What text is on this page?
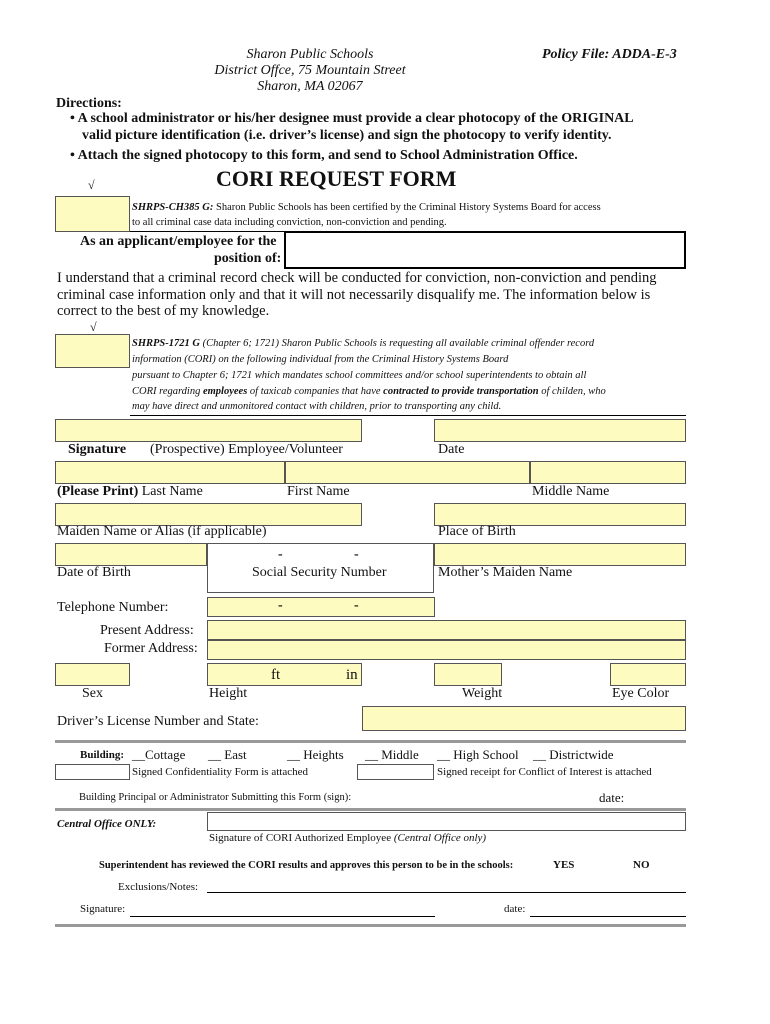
Sharon Public Schools
District Offce, 75 Mountain Street
Sharon, MA 02067
Policy File: ADDA-E-3
Directions:
• A school administrator or his/her designee must provide a clear photocopy of the ORIGINAL
valid picture identification (i.e. driver’s license) and sign the photocopy to verify identity.
• Attach the signed photocopy to this form, and send to School Administration Office.
√	CORI REQUEST FORM
SHRPS-CH385 G: Sharon Public Schools has been certified by the Criminal History Systems Board for access
to all criminal case data including conviction, non-conviction and pending.
As an applicant/employee for the
position of:
I understand that a criminal record check will be conducted for conviction, non-conviction and pending
criminal case information only and that it will not necessarily disqualify me. The information below is
correct to the best of my knowledge.
√
SHRPS-1721 G (Chapter 6; 1721) Sharon Public Schools is requesting all available criminal offender record
information (CORI) on the following individual from the Criminal History Systems Board
pursuant to Chapter 6; 1721 which mandates school committees and/or school superintendents to obtain all
CORI regarding employees of taxicab companies that have contracted to provide transportation of childen, who
may have direct and unmonitored contact with children, prior to transporting any child.
Signature (Prospective) Employee/Volunteer	Date
(Please Print) Last Name	First Name	Middle Name
Maiden Name or Alias (if applicable)	Place of Birth
-	-
Date of Birth	Social Security Number	Mother’s Maiden Name
Telephone Number:	-	-
Present Address:
Former Address:
ft	in
Sex	Height	Weight	Eye Color
Driver’s License Number and State:
Building: __Cottage __ East	__ Heights __ Middle __ High School __ Districtwide
Signed Confidentiality Form is attached	Signed receipt for Conflict of Interest is attached
Building Principal or Administrator Submitting this Form (sign):	date:
Central Office ONLY:
Signature of CORI Authorized Employee (Central Office only)
Superintendent has reviewed the CORI results and approves this person to be in the schools:	YES	NO
Exclusions/Notes:
Signature:	date:
